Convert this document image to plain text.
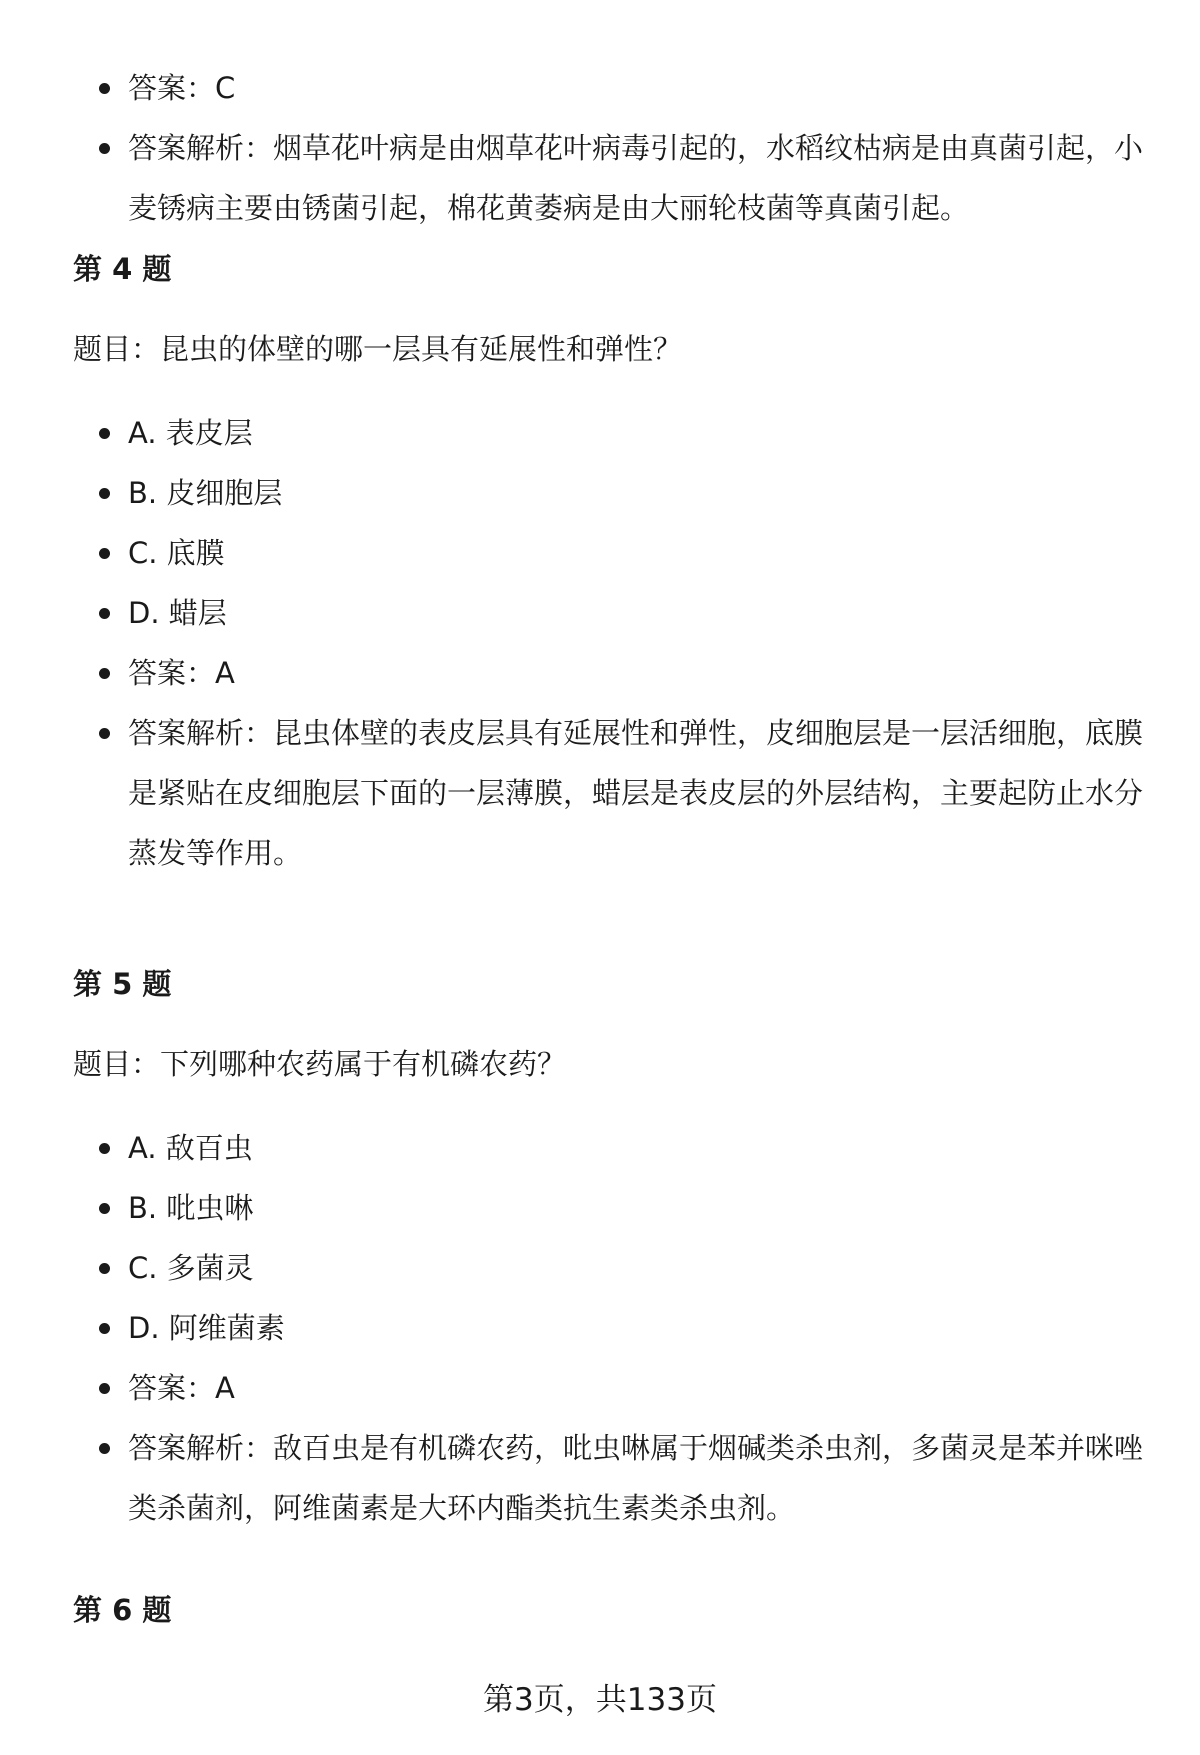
答案：C
答案解析：烟草花叶病是由烟草花叶病毒引起的，水稻纹枯病是由真菌引起，小麦锈病主要由锈菌引起，棉花黄萎病是由大丽轮枝菌等真菌引起。
第 4 题
题目：昆虫的体壁的哪一层具有延展性和弹性？
A. 表皮层
B. 皮细胞层
C. 底膜
D. 蜡层
答案：A
答案解析：昆虫体壁的表皮层具有延展性和弹性，皮细胞层是一层活细胞，底膜是紧贴在皮细胞层下面的一层薄膜，蜡层是表皮层的外层结构，主要起防止水分蒸发等作用。
第 5 题
题目：下列哪种农药属于有机磷农药？
A. 敌百虫
B. 吡虫啉
C. 多菌灵
D. 阿维菌素
答案：A
答案解析：敌百虫是有机磷农药，吡虫啉属于烟碱类杀虫剂，多菌灵是苯并咪唑类杀菌剂，阿维菌素是大环内酯类抗生素类杀虫剂。
第 6 题
第3页，共133页
